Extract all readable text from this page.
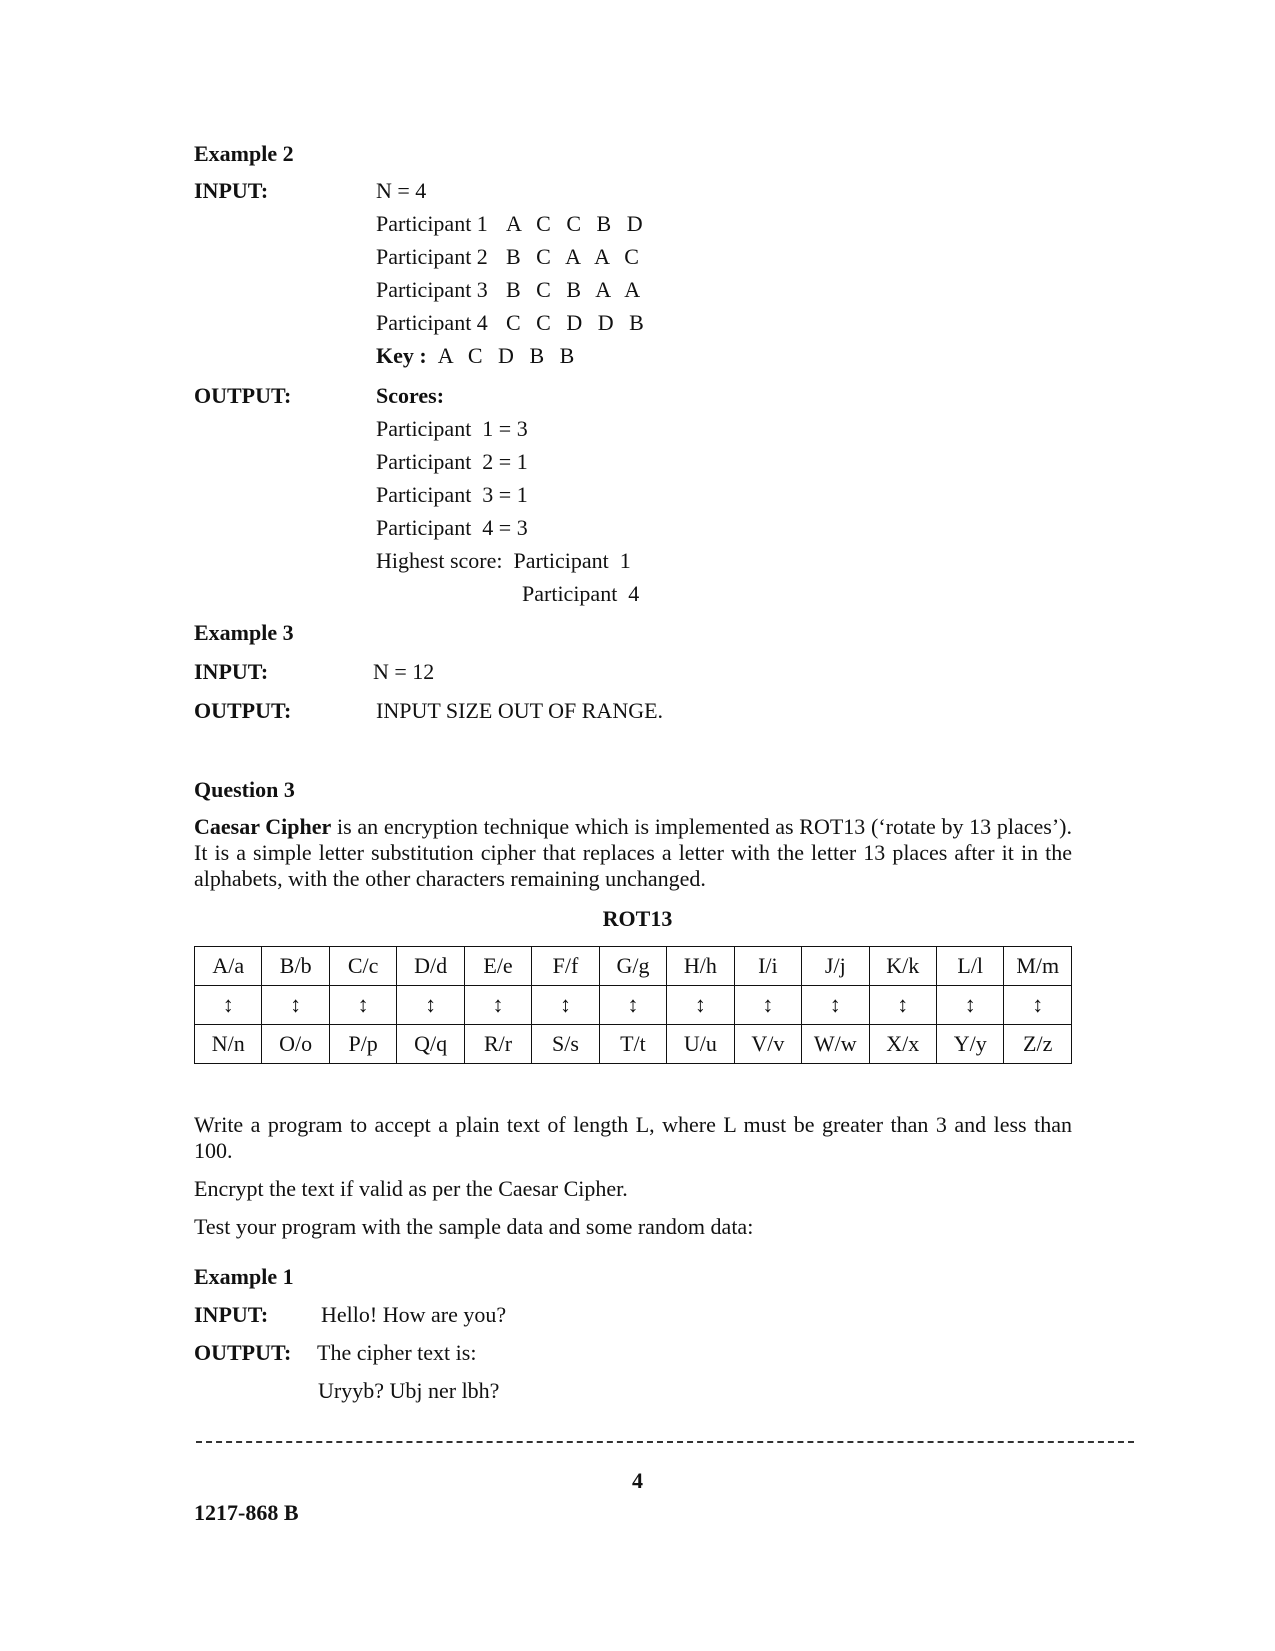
Example 2
INPUT:	N = 4
Participant 1 A C C B D
Participant 2 B C A A C
Participant 3 B C B A A
Participant 4 C C D D B
Key : A C D B B
OUTPUT:	Scores:
Participant  1 = 3
Participant  2 = 1
Participant  3 = 1
Participant  4 = 3
Highest score: Participant  1
Participant  4
Example 3
INPUT:	N = 12
OUTPUT:	INPUT SIZE OUT OF RANGE.
Question 3
Caesar Cipher is an encryption technique which is implemented as ROT13 (‘rotate by 13 places’). It is a simple letter substitution cipher that replaces a letter with the letter 13 places after it in the alphabets, with the other characters remaining unchanged.
ROT13
A/a	B/b	C/c	D/d	E/e	F/f	G/g	H/h	I/i	J/j	K/k	L/l	M/m
↕	↕	↕	↕	↕	↕	↕	↕	↕	↕	↕	↕	↕
N/n	O/o	P/p	Q/q	R/r	S/s	T/t	U/u	V/v	W/w	X/x	Y/y	Z/z
Write a program to accept a plain text of length L, where L must be greater than 3 and less than 100.
Encrypt the text if valid as per the Caesar Cipher.
Test your program with the sample data and some random data:
Example 1
INPUT: Hello! How are you?
OUTPUT: The cipher text is:
Uryyb? Ubj ner lbh?
4
1217-868 B
